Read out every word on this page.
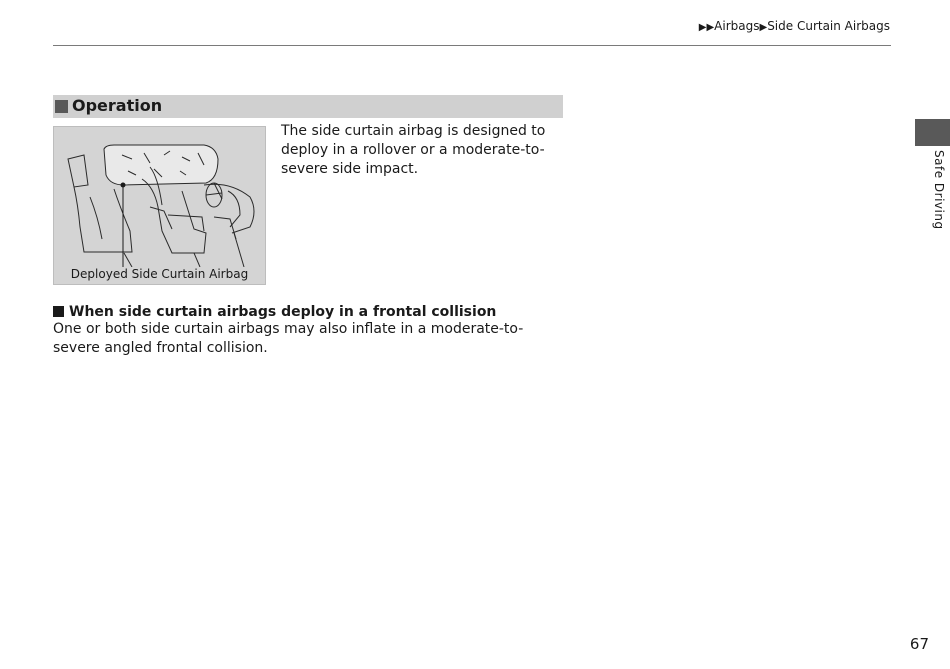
▶▶Airbags▶Side Curtain Airbags
Operation
Deployed Side Curtain Airbag
The side curtain airbag is designed to deploy in a rollover or a moderate-to-severe side impact.
When side curtain airbags deploy in a frontal collision
One or both side curtain airbags may also inflate in a moderate-to-severe angled frontal collision.
Safe Driving
67
